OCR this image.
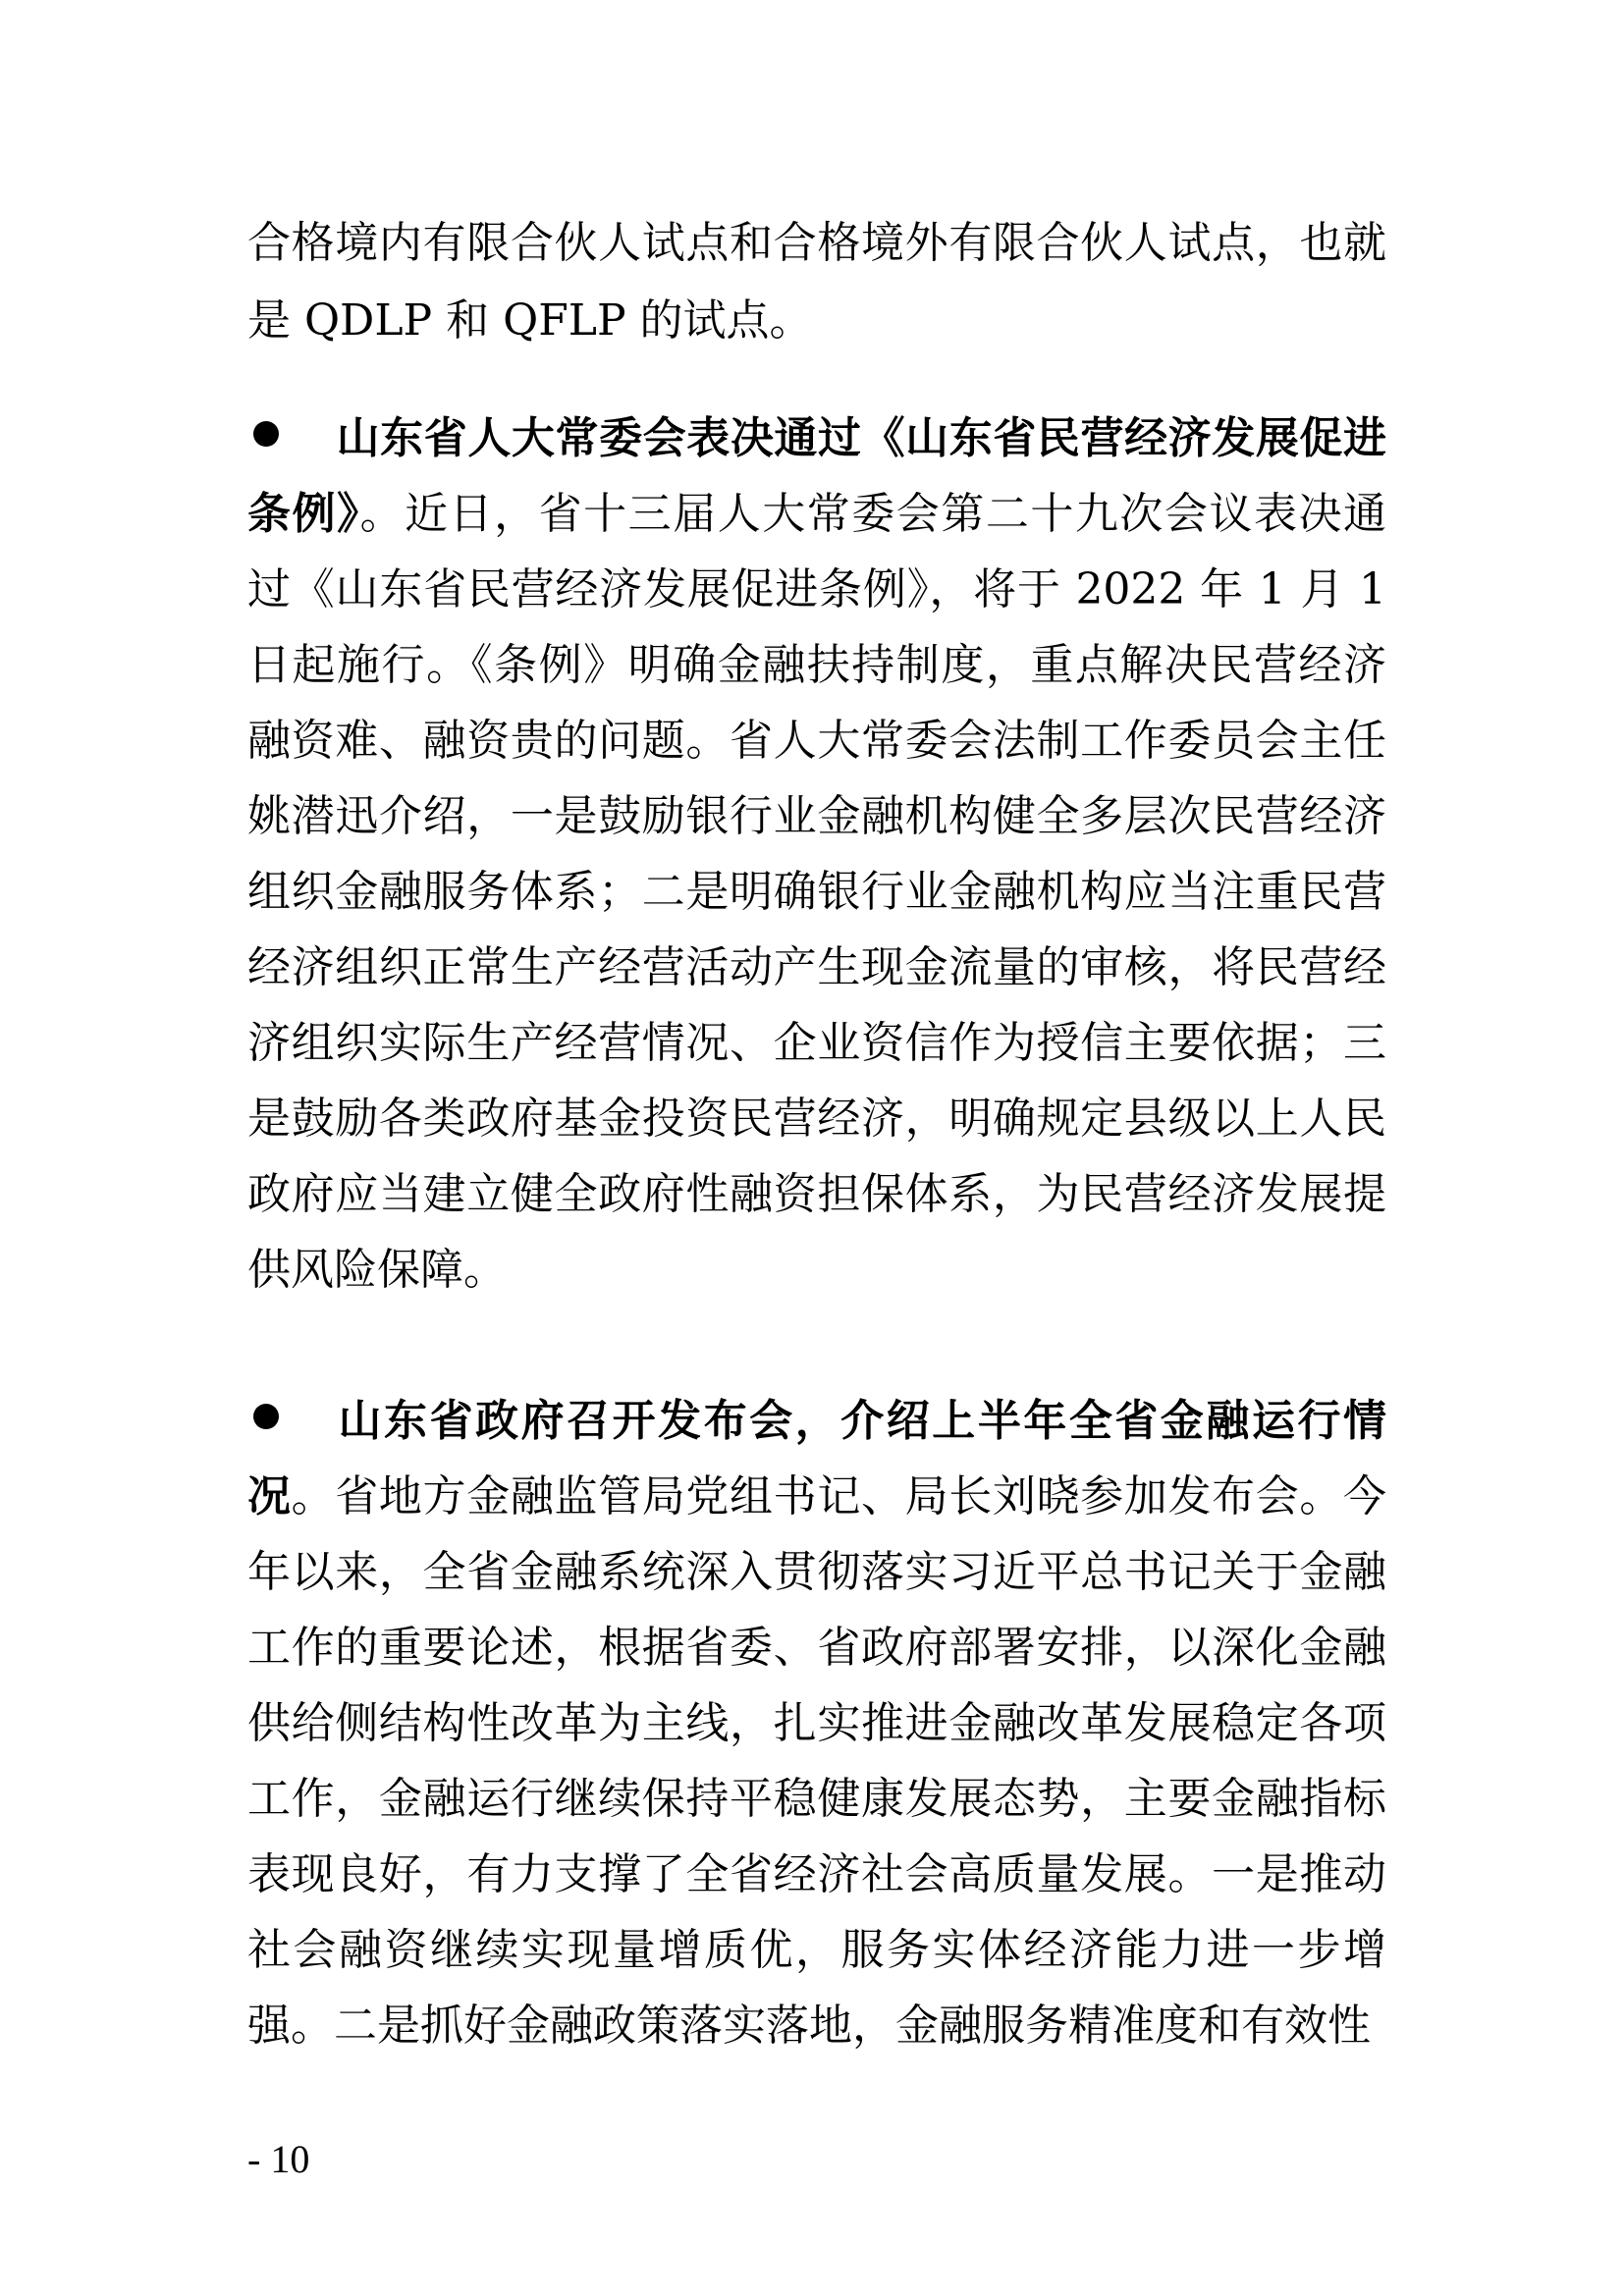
合格境内有限合伙人试点和合格境外有限合伙人试点，也就是 QDLP 和 QFLP 的试点。

山东省人大常委会表决通过《山东省民营经济发展促进条例》。近日，省十三届人大常委会第二十九次会议表决通过《山东省民营经济发展促进条例》，将于 2022 年 1 月 1 日起施行。《条例》明确金融扶持制度，重点解决民营经济融资难、融资贵的问题。省人大常委会法制工作委员会主任姚潜迅介绍，一是鼓励银行业金融机构健全多层次民营经济组织金融服务体系；二是明确银行业金融机构应当注重民营经济组织正常生产经营活动产生现金流量的审核，将民营经济组织实际生产经营情况、企业资信作为授信主要依据；三是鼓励各类政府基金投资民营经济，明确规定县级以上人民政府应当建立健全政府性融资担保体系，为民营经济发展提供风险保障。

山东省政府召开发布会，介绍上半年全省金融运行情况。省地方金融监管局党组书记、局长刘晓参加发布会。今年以来，全省金融系统深入贯彻落实习近平总书记关于金融工作的重要论述，根据省委、省政府部署安排，以深化金融供给侧结构性改革为主线，扎实推进金融改革发展稳定各项工作，金融运行继续保持平稳健康发展态势，主要金融指标表现良好，有力支撑了全省经济社会高质量发展。一是推动社会融资继续实现量增质优，服务实体经济能力进一步增强。二是抓好金融政策落实落地，金融服务精准度和有效性

- 10
